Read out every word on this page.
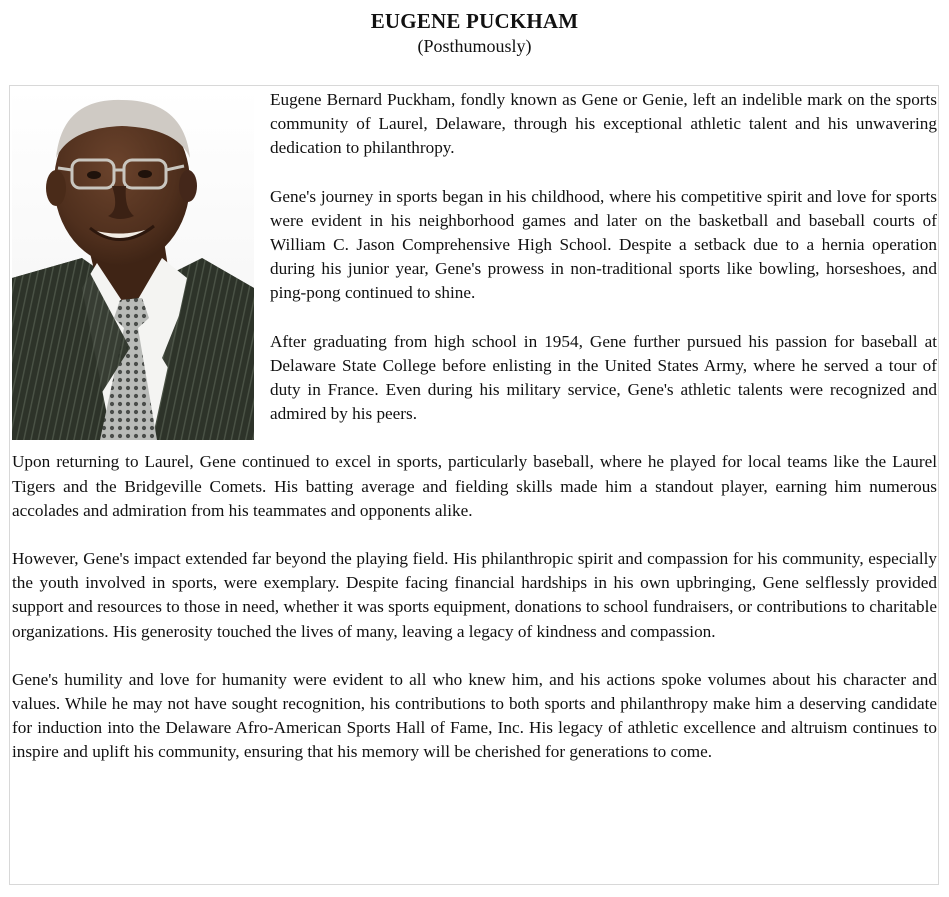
EUGENE PUCKHAM
(Posthumously)

Eugene Bernard Puckham, fondly known as Gene or Genie, left an indelible mark on the sports community of Laurel, Delaware, through his exceptional athletic talent and his unwavering dedication to philanthropy.

Gene's journey in sports began in his childhood, where his competitive spirit and love for sports were evident in his neighborhood games and later on the basketball and baseball courts of William C. Jason Comprehensive High School. Despite a setback due to a hernia operation during his junior year, Gene's prowess in non-traditional sports like bowling, horseshoes, and ping-pong continued to shine.

After graduating from high school in 1954, Gene further pursued his passion for baseball at Delaware State College before enlisting in the United States Army, where he served a tour of duty in France. Even during his military service, Gene's athletic talents were recognized and admired by his peers.

Upon returning to Laurel, Gene continued to excel in sports, particularly baseball, where he played for local teams like the Laurel Tigers and the Bridgeville Comets. His batting average and fielding skills made him a standout player, earning him numerous accolades and admiration from his teammates and opponents alike.

However, Gene's impact extended far beyond the playing field. His philanthropic spirit and compassion for his community, especially the youth involved in sports, were exemplary. Despite facing financial hardships in his own upbringing, Gene selflessly provided support and resources to those in need, whether it was sports equipment, donations to school fundraisers, or contributions to charitable organizations. His generosity touched the lives of many, leaving a legacy of kindness and compassion.

Gene's humility and love for humanity were evident to all who knew him, and his actions spoke volumes about his character and values. While he may not have sought recognition, his contributions to both sports and philanthropy make him a deserving candidate for induction into the Delaware Afro-American Sports Hall of Fame, Inc. His legacy of athletic excellence and altruism continues to inspire and uplift his community, ensuring that his memory will be cherished for generations to come.
